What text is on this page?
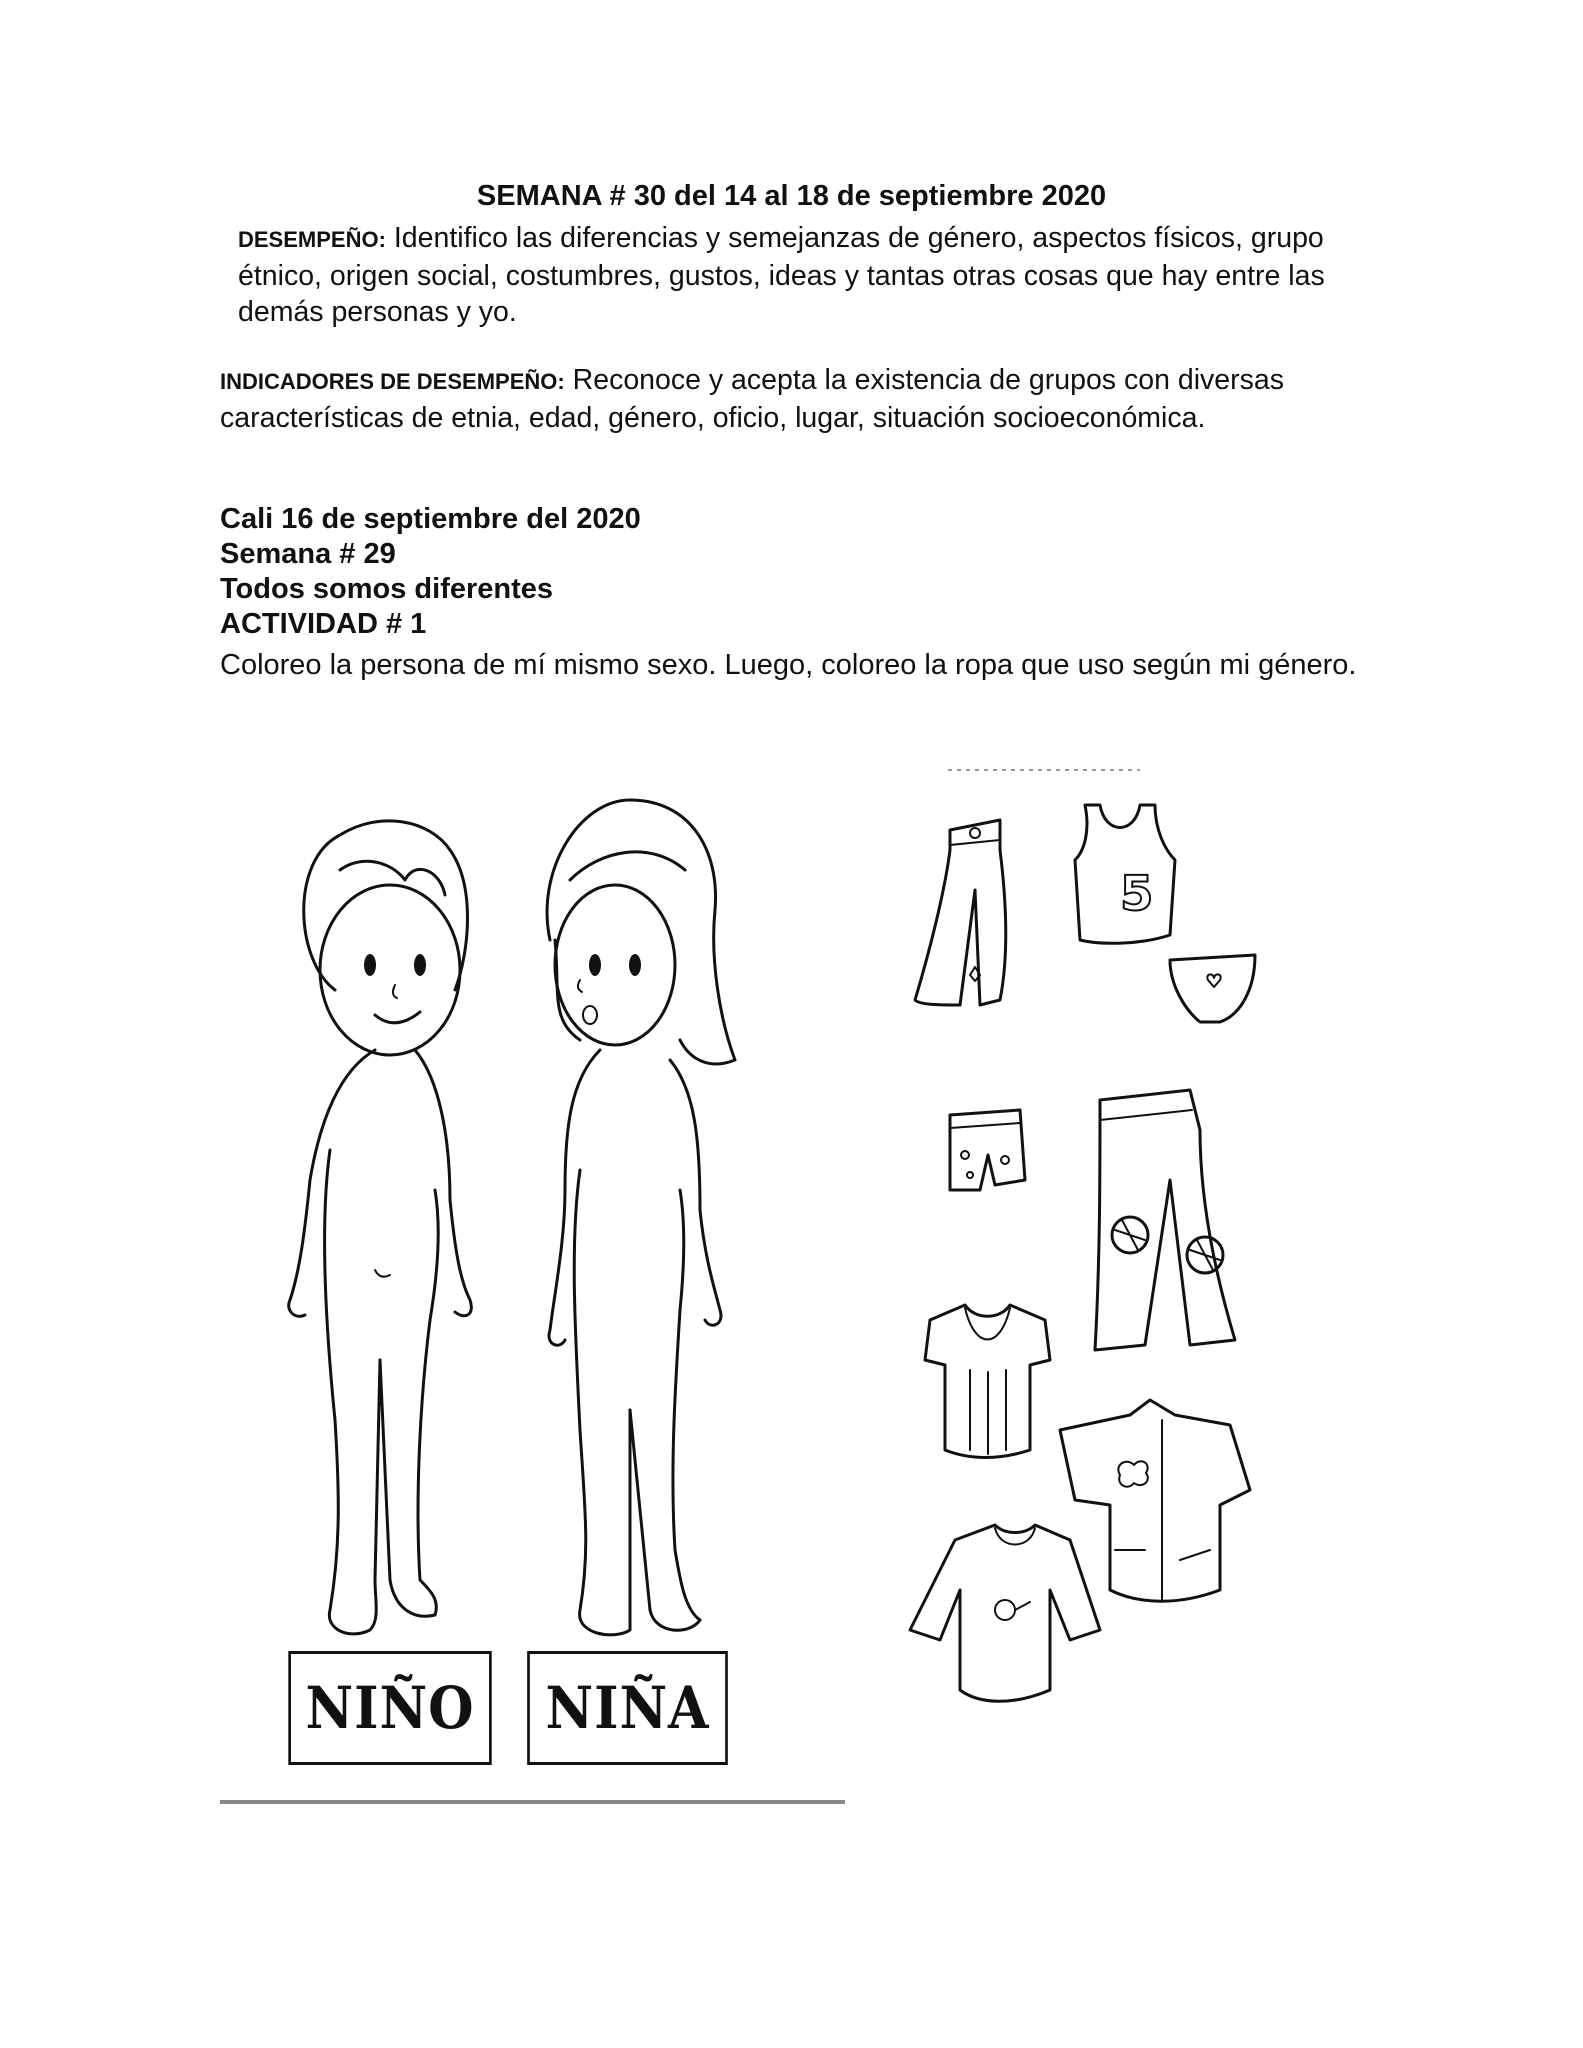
SEMANA # 30 del 14 al 18 de septiembre 2020
DESEMPEÑO: Identifico las diferencias y semejanzas de género, aspectos físicos, grupo étnico, origen social, costumbres, gustos, ideas y tantas otras cosas que hay entre las demás personas y yo.
INDICADORES DE DESEMPEÑO: Reconoce y acepta la existencia de grupos con diversas características de etnia, edad, género, oficio, lugar, situación socioeconómica.

Cali 16 de septiembre del 2020

Semana # 29

Todos somos diferentes

ACTIVIDAD # 1

Coloreo la persona de mí mismo sexo. Luego, coloreo la ropa que uso según mi género.

NIÑO	NIÑA
5
